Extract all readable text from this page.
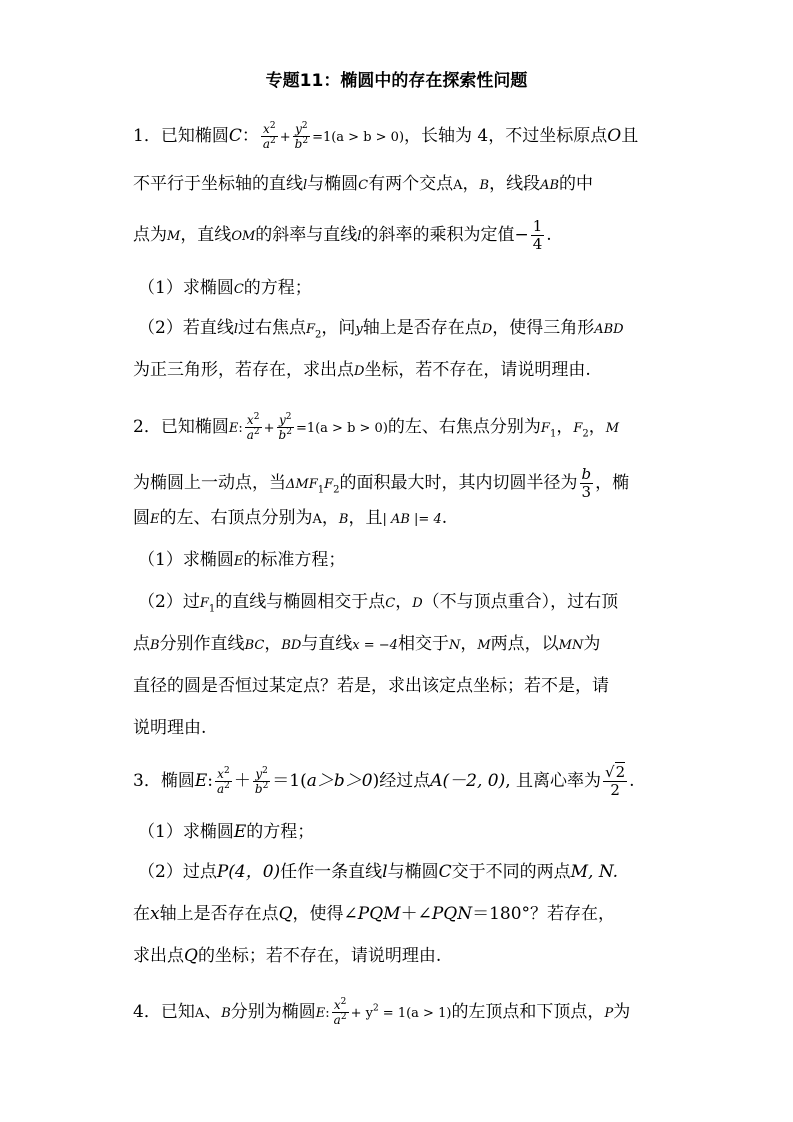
专题11：椭圆中的存在探索性问题
1．已知椭圆C： $\frac{x^2}{a^2} + \frac{y^2}{b^2} =1(a > b > 0)$，长轴为 4，不过坐标原点O且
不平行于坐标轴的直线l与椭圆C有两个交点A，B，线段AB的中
点为M，直线OM的斜率与直线l的斜率的乘积为定值− $\frac{1}{4}$ .
（1）求椭圆C的方程；
（2）若直线l过右焦点$F_2$，问y轴上是否存在点D，使得三角形ABD
为正三角形，若存在，求出点D坐标，若不存在，请说明理由.
2．已知椭圆E: $\frac{x^2}{a^2} + \frac{y^2}{b^2} =1(a > b > 0)$的左、右焦点分别为$F_1$，$F_2$，M
为椭圆上一动点，当$\Delta MF_1F_2$的面积最大时，其内切圆半径为 $\frac{b}{3}$ ，椭
圆E的左、右顶点分别为A，B，且| AB |= 4.
（1）求椭圆E的标准方程；
（2）过$F_1$的直线与椭圆相交于点C，D（不与顶点重合），过右顶
点B分别作直线BC，BD与直线x = −4相交于N，M两点，以MN为
直径的圆是否恒过某定点？若是，求出该定点坐标；若不是，请
说明理由.
3．椭圆E: $\frac{x^2}{a^2} + \frac{y^2}{b^2} =1(a>b>0)$经过点A(－2, 0), 且离心率为 $\frac{√2}{2}$ .
（1）求椭圆E的方程；
（2）过点P(4，0)任作一条直线l与椭圆C交于不同的两点M, N.
在x轴上是否存在点Q，使得∠PQM＋∠PQN＝180°？若存在，
求出点Q的坐标；若不存在，请说明理由.
4．已知A、B分别为椭圆E: $\frac{x^2}{a^2} + y^2 = 1(a > 1)$的左顶点和下顶点，P为
